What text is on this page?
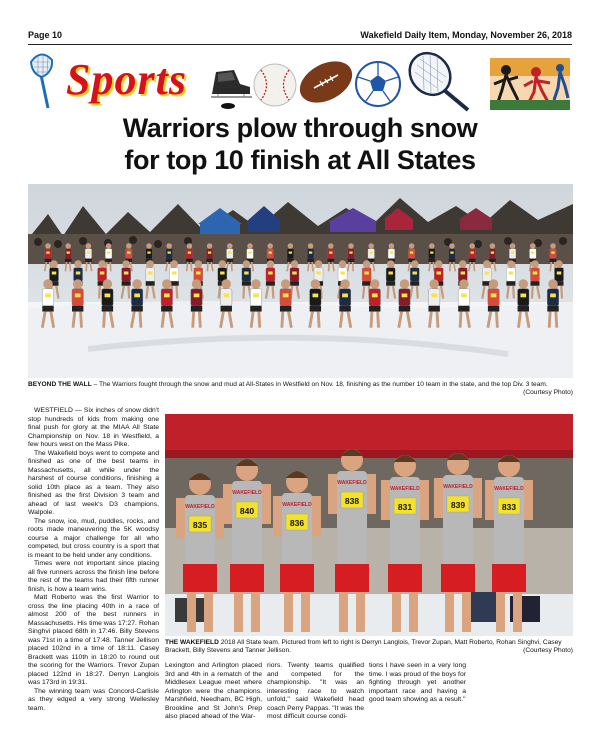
Page 10	Wakefield Daily Item, Monday, November 26, 2018
Sports
Warriors plow through snow
for top 10 finish at All States
BEYOND THE WALL – The Warriors fought through the snow and mud at All-States in Westfield on Nov. 18, finishing as the number 10 team in the state, and the top Div. 3 team.
(Courtesy Photo)

WESTFIELD — Six inches of snow didn't stop hundreds of kids from making one final push for glory at the MIAA All State Championship on Nov. 18 in Westfield, a few hours west on the Mass Pike.

The Wakefield boys went to compete and finished as one of the best teams in Massachusetts, all while under the harshest of course conditions, finishing a solid 10th place as a team. They also finished as the first Division 3 team and ahead of last week's D3 champions, Walpole.

The snow, ice, mud, puddles, rocks, and roots made maneuvering the 5K woodsy course a major challenge for all who competed, but cross country is a sport that is meant to be held under any conditions.

Times were not important since placing all five runners across the finish line before the rest of the teams had their fifth runner finish, is how a team wins.

Matt Roberto was the first Warrior to cross the line placing 40th in a race of almost 200 of the best runners in Massachusetts. His time was 17:27. Rohan Singhvi placed 68th in 17:46. Billy Stevens was 71st in a time of 17:48. Tanner Jellison placed 102nd in a time of 18:11. Casey Brackett was 110th in 18:20 to round out the scoring for the Warriors. Trevor Zupan placed 122nd in 18:27. Derryn Langlois was 173rd in 19:31.

The winning team was Concord-Carlisle as they edged a very strong Wellesley team.

WAKEFIELD
835
WAKEFIELD
840
WAKEFIELD
836
WAKEFIELD
838
WAKEFIELD
831
WAKEFIELD
839
WAKEFIELD
833
THE WAKEFIELD 2018 All State team. Pictured from left to right is Derryn Langlois, Trevor Zupan, Matt Roberto, Rohan Singhvi, Casey Brackett, Billy Stevens and Tanner Jellison.	(Courtesy Photo)
Lexington and Arlington placed 3rd and 4th in a rematch of the Middlesex League meet where Arlington were the champions. Marshfield, Needham, BC High, Brookline and St John's Prep also placed ahead of the War-
riors. Twenty teams qualified and competed for the championship. "It was an interesting race to watch unfold," said Wakefield head coach Perry Pappas. "It was the most difficult course condi-
tions I have seen in a very long time. I was proud of the boys for fighting through yet another important race and having a good team showing as a result."
